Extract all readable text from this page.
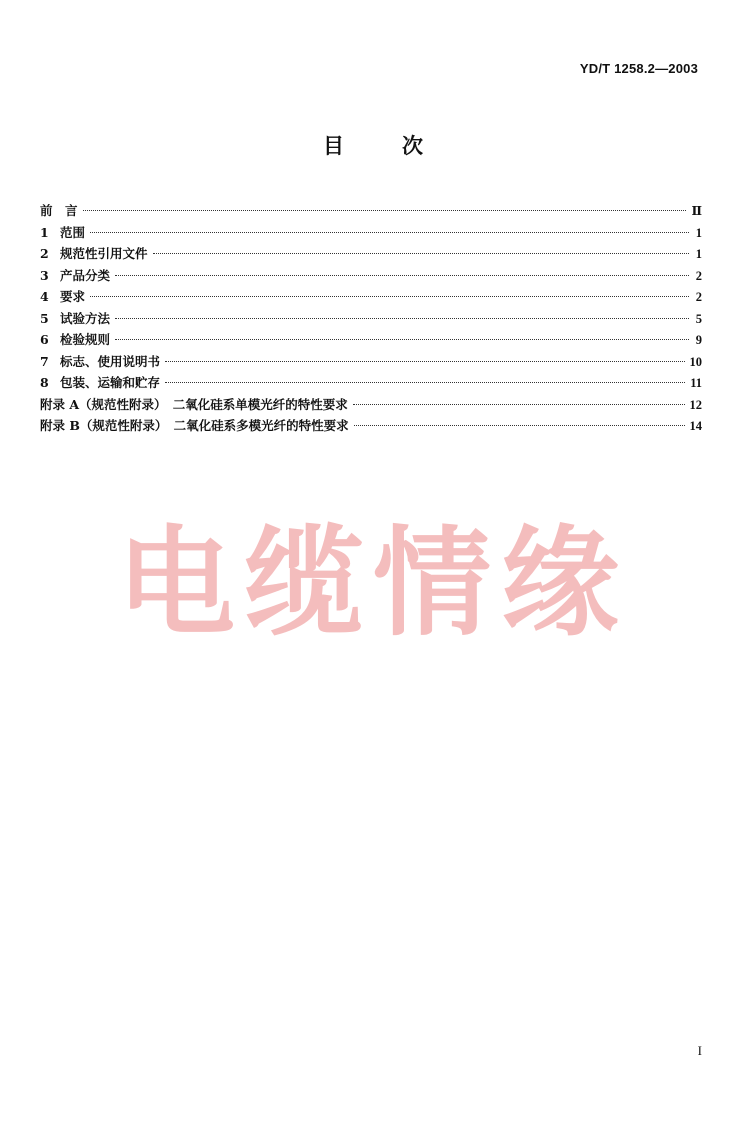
YD/T 1258.2—2003
目	次
前　言	Ⅱ
1 范围	1
2 规范性引用文件	1
3 产品分类	2
4 要求	2
5 试验方法	5
6 检验规则	9
7 标志、使用说明书	10
8 包装、运输和贮存	11
附录 A（规范性附录）　二氧化硅系单模光纤的特性要求	12
附录 B（规范性附录）　二氧化硅系多模光纤的特性要求	14
电缆情缘
I
